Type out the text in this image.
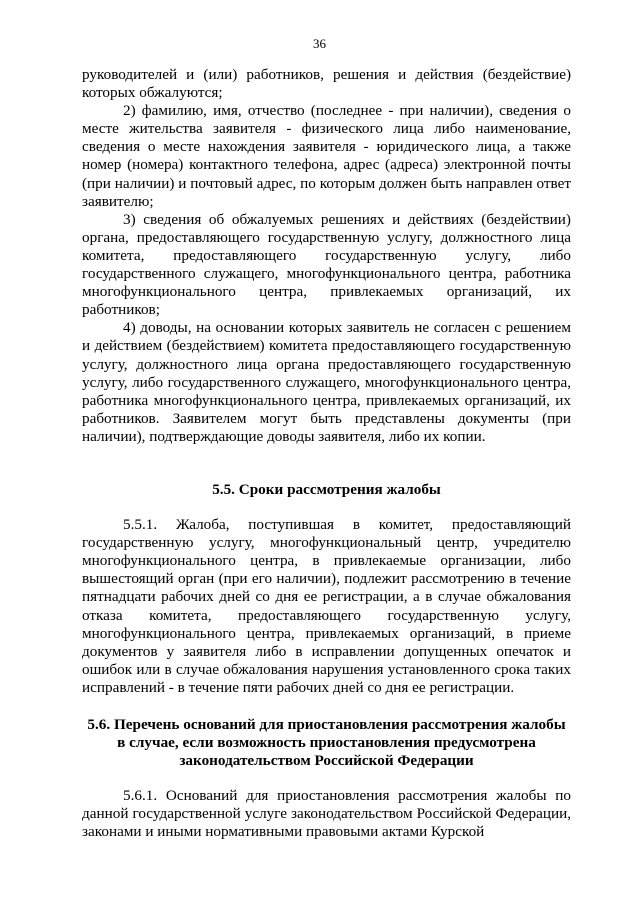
36

руководителей и (или) работников, решения и действия (бездействие) которых обжалуются;

2) фамилию, имя, отчество (последнее - при наличии), сведения о месте жительства заявителя - физического лица либо наименование, сведения о месте нахождения заявителя - юридического лица, а также номер (номера) контактного телефона, адрес (адреса) электронной почты (при наличии) и почтовый адрес, по которым должен быть направлен ответ заявителю;

3) сведения об обжалуемых решениях и действиях (бездействии) органа, предоставляющего государственную услугу, должностного лица комитета, предоставляющего государственную услугу, либо государственного служащего, многофункционального центра, работника многофункционального центра, привлекаемых организаций, их работников;

4) доводы, на основании которых заявитель не согласен с решением и действием (бездействием) комитета предоставляющего государственную услугу, должностного лица органа предоставляющего государственную услугу, либо государственного служащего, многофункционального центра, работника многофункционального центра, привлекаемых организаций, их работников. Заявителем могут быть представлены документы (при наличии), подтверждающие доводы заявителя, либо их копии.

5.5. Сроки рассмотрения жалобы

5.5.1. Жалоба, поступившая в комитет, предоставляющий государственную услугу, многофункциональный центр, учредителю многофункционального центра, в привлекаемые организации, либо вышестоящий орган (при его наличии), подлежит рассмотрению в течение пятнадцати рабочих дней со дня ее регистрации, а в случае обжалования отказа комитета, предоставляющего государственную услугу, многофункционального центра, привлекаемых организаций, в приеме документов у заявителя либо в исправлении допущенных опечаток и ошибок или в случае обжалования нарушения установленного срока таких исправлений - в течение пяти рабочих дней со дня ее регистрации.

5.6. Перечень оснований для приостановления рассмотрения жалобы в случае, если возможность приостановления предусмотрена законодательством Российской Федерации

5.6.1. Оснований для приостановления рассмотрения жалобы по данной государственной услуге законодательством Российской Федерации, законами и иными нормативными правовыми актами Курской
